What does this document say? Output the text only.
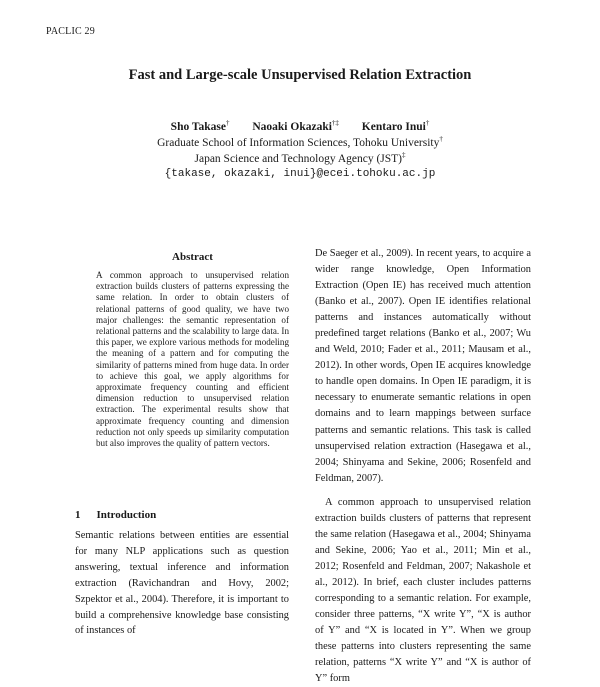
PACLIC 29
Fast and Large-scale Unsupervised Relation Extraction
Sho Takase† Naoaki Okazaki†‡ Kentaro Inui†
Graduate School of Information Sciences, Tohoku University†
Japan Science and Technology Agency (JST)‡
{takase, okazaki, inui}@ecei.tohoku.ac.jp
Abstract
A common approach to unsupervised relation extraction builds clusters of patterns expressing the same relation. In order to obtain clusters of relational patterns of good quality, we have two major challenges: the semantic representation of relational patterns and the scalability to large data. In this paper, we explore various methods for modeling the meaning of a pattern and for computing the similarity of patterns mined from huge data. In order to achieve this goal, we apply algorithms for approximate frequency counting and efficient dimension reduction to unsupervised relation extraction. The experimental results show that approximate frequency counting and dimension reduction not only speeds up similarity computation but also improves the quality of pattern vectors.
1 Introduction
Semantic relations between entities are essential for many NLP applications such as question answering, textual inference and information extraction (Ravichandran and Hovy, 2002; Szpektor et al., 2004). Therefore, it is important to build a comprehensive knowledge base consisting of instances of

De Saeger et al., 2009). In recent years, to acquire a wider range knowledge, Open Information Extraction (Open IE) has received much attention (Banko et al., 2007). Open IE identifies relational patterns and instances automatically without predefined target relations (Banko et al., 2007; Wu and Weld, 2010; Fader et al., 2011; Mausam et al., 2012). In other words, Open IE acquires knowledge to handle open domains. In Open IE paradigm, it is necessary to enumerate semantic relations in open domains and to learn mappings between surface patterns and semantic relations. This task is called unsupervised relation extraction (Hasegawa et al., 2004; Shinyama and Sekine, 2006; Rosenfeld and Feldman, 2007).

A common approach to unsupervised relation extraction builds clusters of patterns that represent the same relation (Hasegawa et al., 2004; Shinyama and Sekine, 2006; Yao et al., 2011; Min et al., 2012; Rosenfeld and Feldman, 2007; Nakashole et al., 2012). In brief, each cluster includes patterns corresponding to a semantic relation. For example, consider three patterns, “X write Y”, “X is author of Y” and “X is located in Y”. When we group these patterns into clusters representing the same relation, patterns “X write Y” and “X is author of Y” form
